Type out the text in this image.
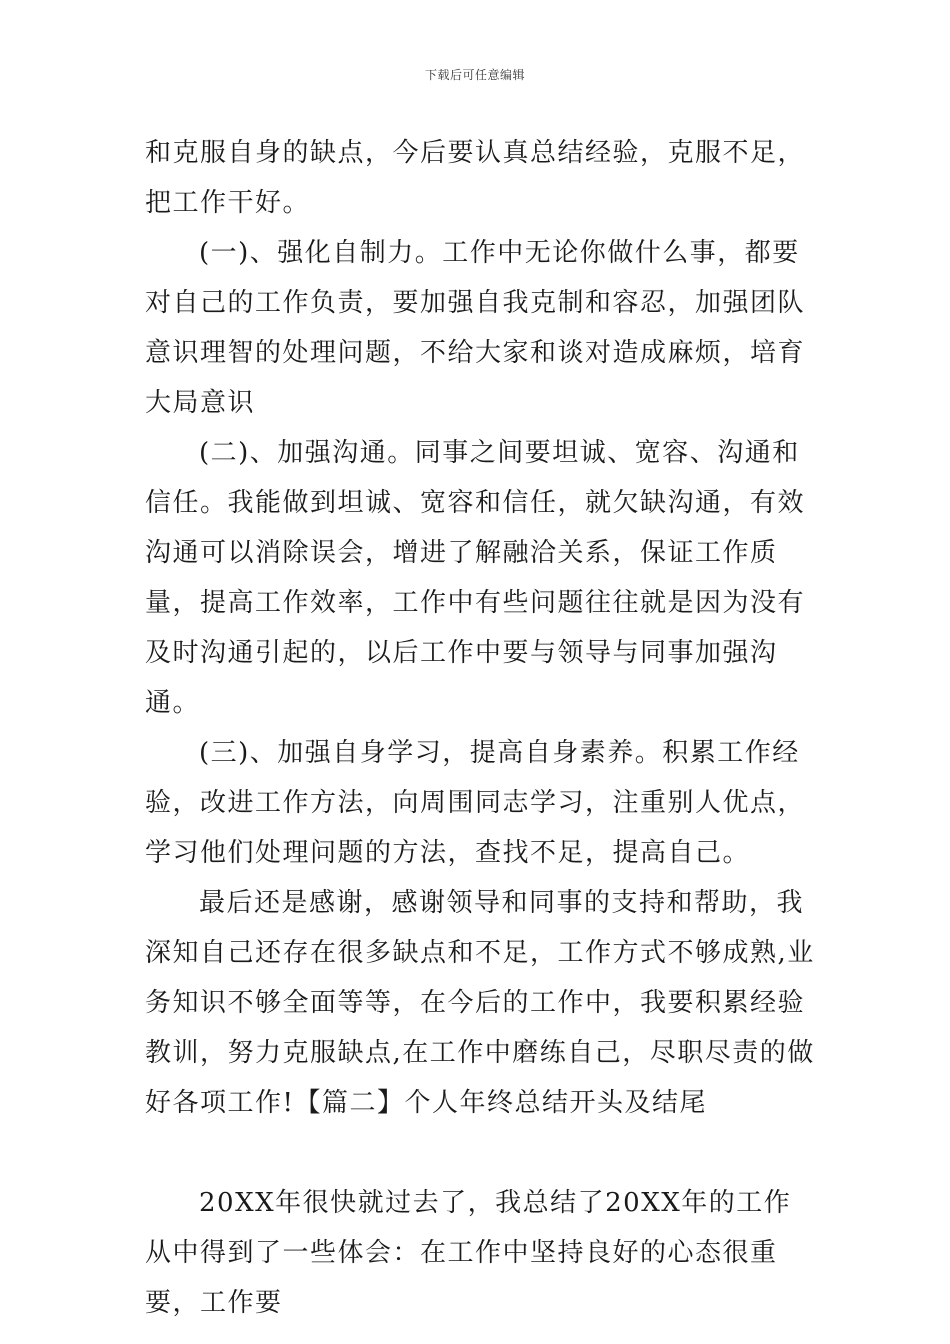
下载后可任意编辑

和克服自身的缺点，今后要认真总结经验，克服不足，把工作干好。

(一)、强化自制力。工作中无论你做什么事，都要对自己的工作负责，要加强自我克制和容忍，加强团队意识理智的处理问题，不给大家和谈对造成麻烦，培育大局意识

(二)、加强沟通。同事之间要坦诚、宽容、沟通和信任。我能做到坦诚、宽容和信任，就欠缺沟通，有效沟通可以消除误会，增进了解融洽关系，保证工作质量，提高工作效率，工作中有些问题往往就是因为没有及时沟通引起的，以后工作中要与领导与同事加强沟通。

(三)、加强自身学习，提高自身素养。积累工作经验，改进工作方法，向周围同志学习，注重别人优点，学习他们处理问题的方法，查找不足，提高自己。

最后还是感谢，感谢领导和同事的支持和帮助，我深知自己还存在很多缺点和不足，工作方式不够成熟,业务知识不够全面等等，在今后的工作中，我要积累经验教训，努力克服缺点,在工作中磨练自己，尽职尽责的做好各项工作!【篇二】个人年终总结开头及结尾

20XX年很快就过去了，我总结了20XX年的工作从中得到了一些体会：在工作中坚持良好的心态很重要，工作要
